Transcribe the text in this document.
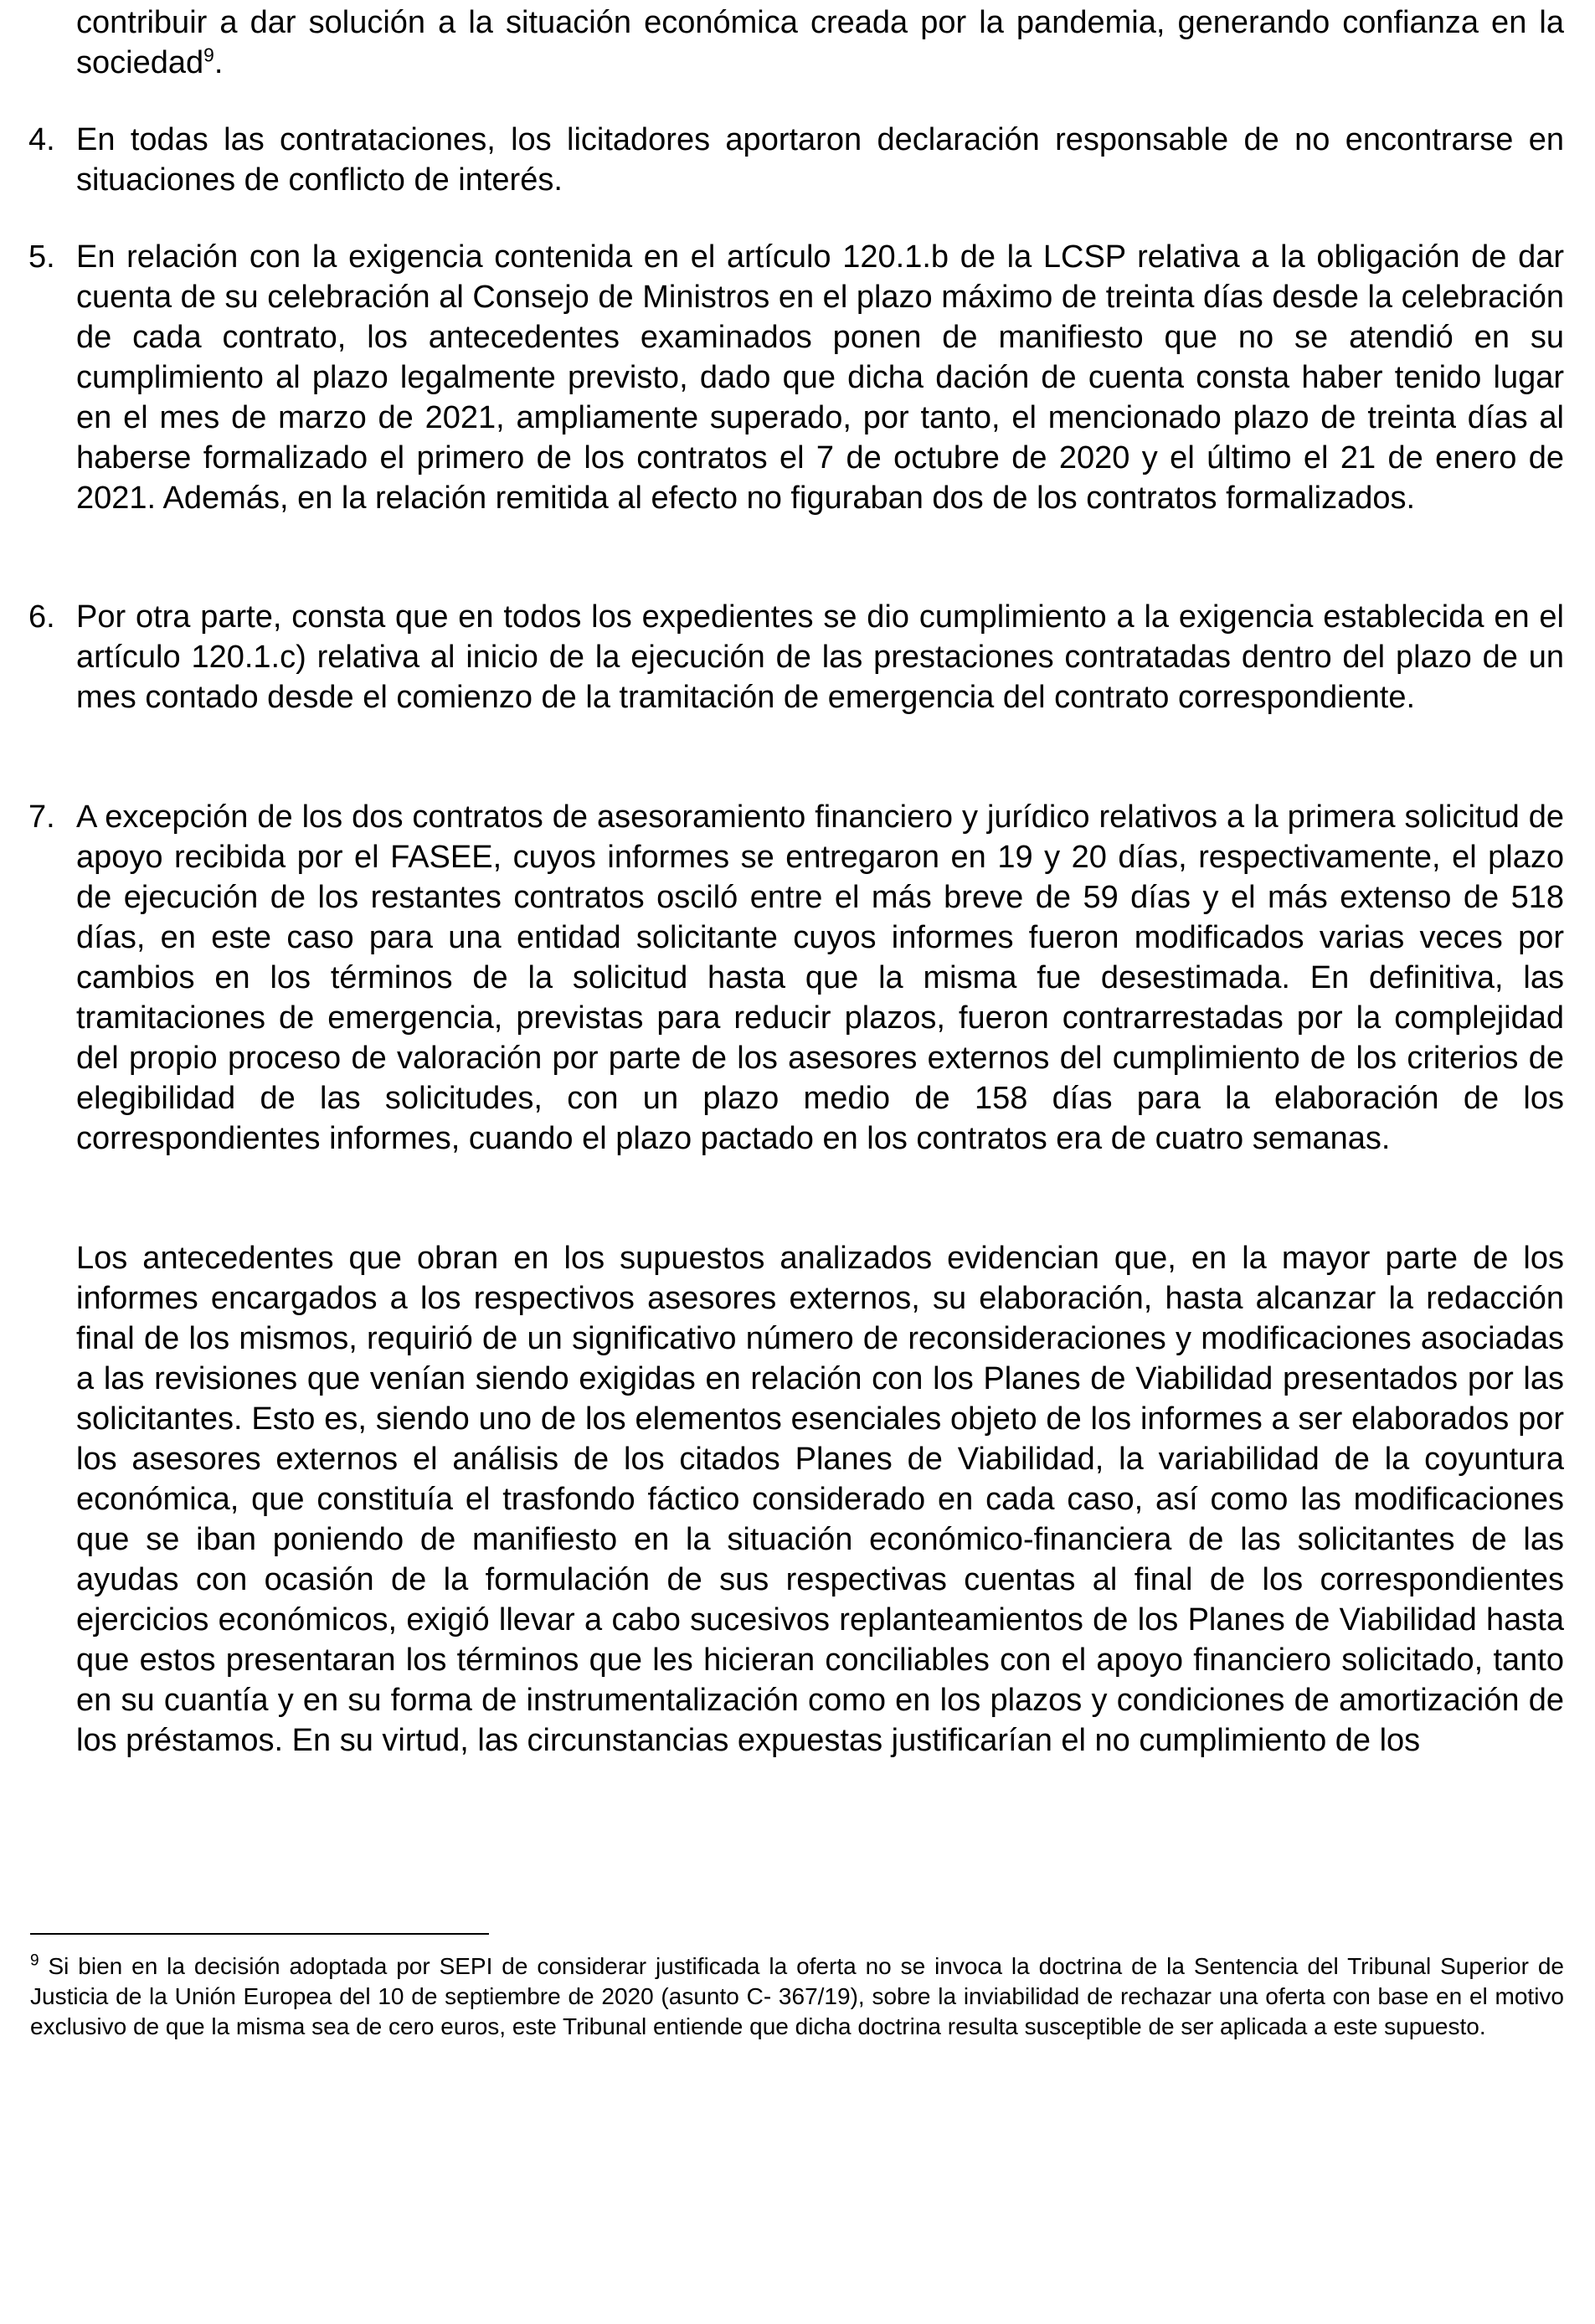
contribuir a dar solución a la situación económica creada por la pandemia, generando confianza en la sociedad$^9$.

4. En todas las contrataciones, los licitadores aportaron declaración responsable de no encontrarse en situaciones de conflicto de interés.
5. En relación con la exigencia contenida en el artículo 120.1.b de la LCSP relativa a la obligación de dar cuenta de su celebración al Consejo de Ministros en el plazo máximo de treinta días desde la celebración de cada contrato, los antecedentes examinados ponen de manifiesto que no se atendió en su cumplimiento al plazo legalmente previsto, dado que dicha dación de cuenta consta haber tenido lugar en el mes de marzo de 2021, ampliamente superado, por tanto, el mencionado plazo de treinta días al haberse formalizado el primero de los contratos el 7 de octubre de 2020 y el último el 21 de enero de 2021. Además, en la relación remitida al efecto no figuraban dos de los contratos formalizados.
6. Por otra parte, consta que en todos los expedientes se dio cumplimiento a la exigencia establecida en el artículo 120.1.c) relativa al inicio de la ejecución de las prestaciones contratadas dentro del plazo de un mes contado desde el comienzo de la tramitación de emergencia del contrato correspondiente.
7. A excepción de los dos contratos de asesoramiento financiero y jurídico relativos a la primera solicitud de apoyo recibida por el FASEE, cuyos informes se entregaron en 19 y 20 días, respectivamente, el plazo de ejecución de los restantes contratos osciló entre el más breve de 59 días y el más extenso de 518 días, en este caso para una entidad solicitante cuyos informes fueron modificados varias veces por cambios en los términos de la solicitud hasta que la misma fue desestimada. En definitiva, las tramitaciones de emergencia, previstas para reducir plazos, fueron contrarrestadas por la complejidad del propio proceso de valoración por parte de los asesores externos del cumplimiento de los criterios de elegibilidad de las solicitudes, con un plazo medio de 158 días para la elaboración de los correspondientes informes, cuando el plazo pactado en los contratos era de cuatro semanas.

Los antecedentes que obran en los supuestos analizados evidencian que, en la mayor parte de los informes encargados a los respectivos asesores externos, su elaboración, hasta alcanzar la redacción final de los mismos, requirió de un significativo número de reconsideraciones y modificaciones asociadas a las revisiones que venían siendo exigidas en relación con los Planes de Viabilidad presentados por las solicitantes. Esto es, siendo uno de los elementos esenciales objeto de los informes a ser elaborados por los asesores externos el análisis de los citados Planes de Viabilidad, la variabilidad de la coyuntura económica, que constituía el trasfondo fáctico considerado en cada caso, así como las modificaciones que se iban poniendo de manifiesto en la situación económico-financiera de las solicitantes de las ayudas con ocasión de la formulación de sus respectivas cuentas al final de los correspondientes ejercicios económicos, exigió llevar a cabo sucesivos replanteamientos de los Planes de Viabilidad hasta que estos presentaran los términos que les hicieran conciliables con el apoyo financiero solicitado, tanto en su cuantía y en su forma de instrumentalización como en los plazos y condiciones de amortización de los préstamos. En su virtud, las circunstancias expuestas justificarían el no cumplimiento de los

$^9$ Si bien en la decisión adoptada por SEPI de considerar justificada la oferta no se invoca la doctrina de la Sentencia del Tribunal Superior de Justicia de la Unión Europea del 10 de septiembre de 2020 (asunto C- 367/19), sobre la inviabilidad de rechazar una oferta con base en el motivo exclusivo de que la misma sea de cero euros, este Tribunal entiende que dicha doctrina resulta susceptible de ser aplicada a este supuesto.
